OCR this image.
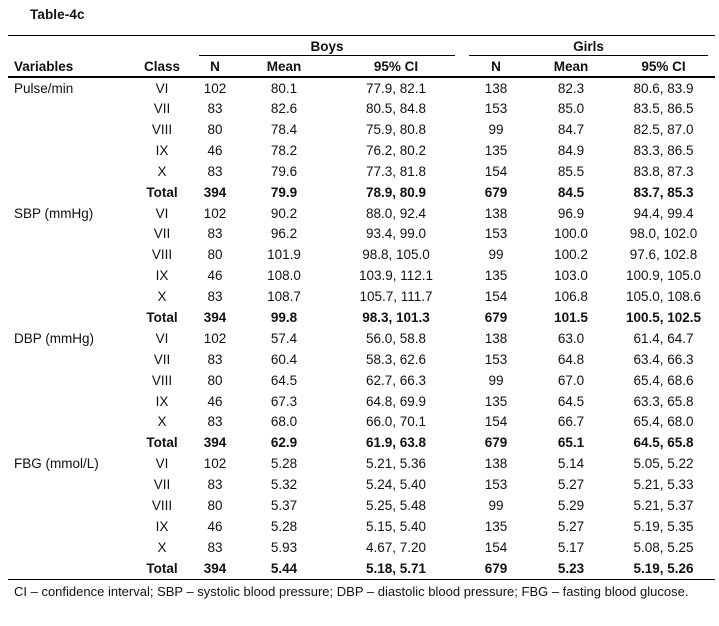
Table-4c

		Boys			Girls		

Variables	Class	N	Mean	95% CI	N	Mean	95% CI
Pulse/min	VI	102	80.1	77.9, 82.1	138	82.3	80.6, 83.9
	VII	83	82.6	80.5, 84.8	153	85.0	83.5, 86.5
	VIII	80	78.4	75.9, 80.8	99	84.7	82.5, 87.0
	IX	46	78.2	76.2, 80.2	135	84.9	83.3, 86.5
	X	83	79.6	77.3, 81.8	154	85.5	83.8, 87.3
	Total	394	79.9	78.9, 80.9	679	84.5	83.7, 85.3
SBP (mmHg)	VI	102	90.2	88.0, 92.4	138	96.9	94.4, 99.4
	VII	83	96.2	93.4, 99.0	153	100.0	98.0, 102.0
	VIII	80	101.9	98.8, 105.0	99	100.2	97.6, 102.8
	IX	46	108.0	103.9, 112.1	135	103.0	100.9, 105.0
	X	83	108.7	105.7, 111.7	154	106.8	105.0, 108.6
	Total	394	99.8	98.3, 101.3	679	101.5	100.5, 102.5
DBP (mmHg)	VI	102	57.4	56.0, 58.8	138	63.0	61.4, 64.7
	VII	83	60.4	58.3, 62.6	153	64.8	63.4, 66.3
	VIII	80	64.5	62.7, 66.3	99	67.0	65.4, 68.6
	IX	46	67.3	64.8, 69.9	135	64.5	63.3, 65.8
	X	83	68.0	66.0, 70.1	154	66.7	65.4, 68.0
	Total	394	62.9	61.9, 63.8	679	65.1	64.5, 65.8
FBG (mmol/L)	VI	102	5.28	5.21, 5.36	138	5.14	5.05, 5.22
	VII	83	5.32	5.24, 5.40	153	5.27	5.21, 5.33
	VIII	80	5.37	5.25, 5.48	99	5.29	5.21, 5.37
	IX	46	5.28	5.15, 5.40	135	5.27	5.19, 5.35
	X	83	5.93	4.67, 7.20	154	5.17	5.08, 5.25
	Total	394	5.44	5.18, 5.71	679	5.23	5.19, 5.26
CI – confidence interval; SBP – systolic blood pressure; DBP – diastolic blood pressure; FBG – fasting blood glucose.
